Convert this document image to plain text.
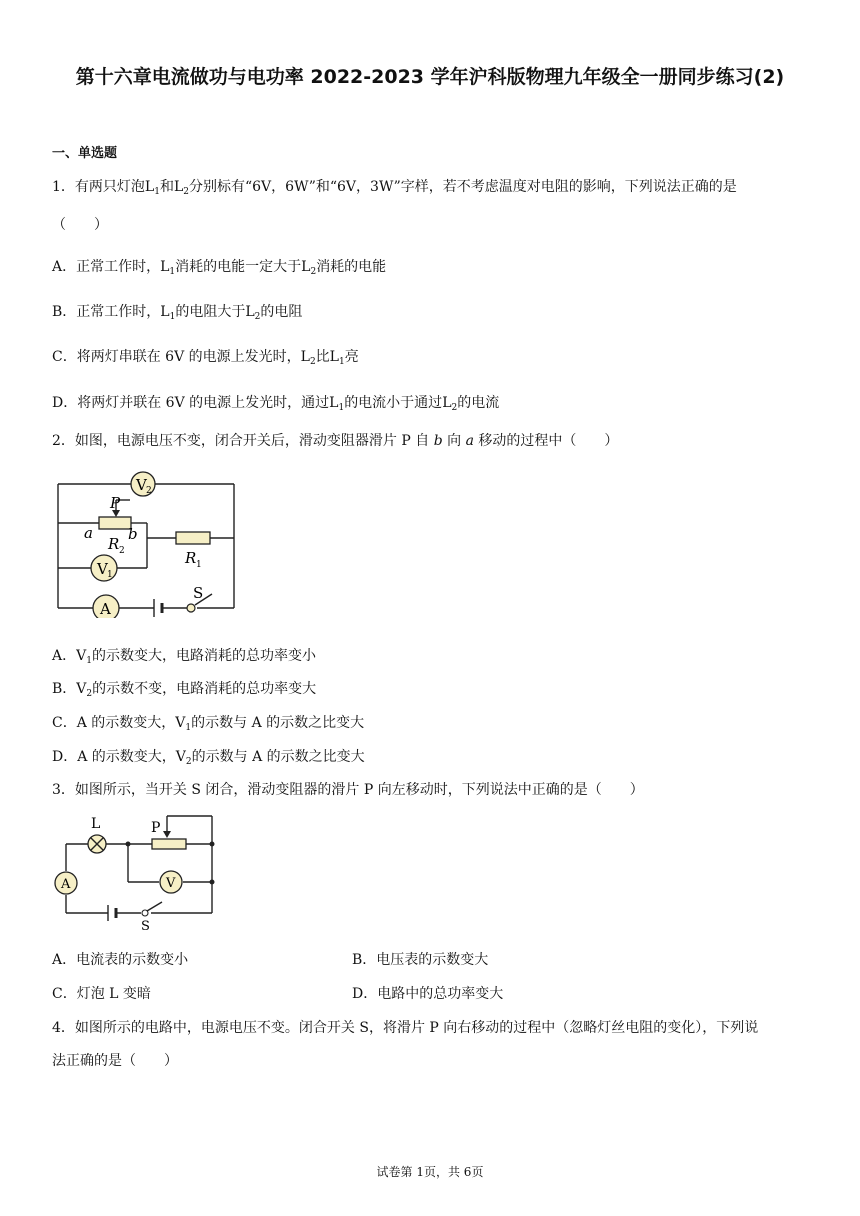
第十六章电流做功与电功率 2022-2023 学年沪科版物理九年级全一册同步练习(2)
一、单选题
1．有两只灯泡$L_1$和$L_2$分别标有“6V，6W”和“6V，3W”字样，若不考虑温度对电阻的影响，下列说法正确的是
（　　）
A．正常工作时，$L_1$消耗的电能一定大于$L_2$消耗的电能
B．正常工作时，$L_1$的电阻大于$L_2$的电阻
C．将两灯串联在 6V 的电源上发光时，$L_2$比$L_1$亮
D．将两灯并联在 6V 的电源上发光时，通过$L_1$的电流小于通过$L_2$的电流
2．如图，电源电压不变，闭合开关后，滑动变阻器滑片 P 自 b 向 a 移动的过程中（　　）
V 2
P
a b
R 2	R 1
V 1
A
S
A．$V_1$的示数变大，电路消耗的总功率变小
B．$V_2$的示数不变，电路消耗的总功率变大
C．A 的示数变大，$V_1$的示数与 A 的示数之比变大
D．A 的示数变大，$V_2$的示数与 A 的示数之比变大
3．如图所示，当开关 S 闭合，滑动变阻器的滑片 P 向左移动时，下列说法中正确的是（　　）
L	P
A	V
S
A．电流表的示数变小	B．电压表的示数变大
C．灯泡 L 变暗	D．电路中的总功率变大
4．如图所示的电路中，电源电压不变。闭合开关 S，将滑片 P 向右移动的过程中（忽略灯丝电阻的变化），下列说
法正确的是（　　）
试卷第 1页，共 6页
